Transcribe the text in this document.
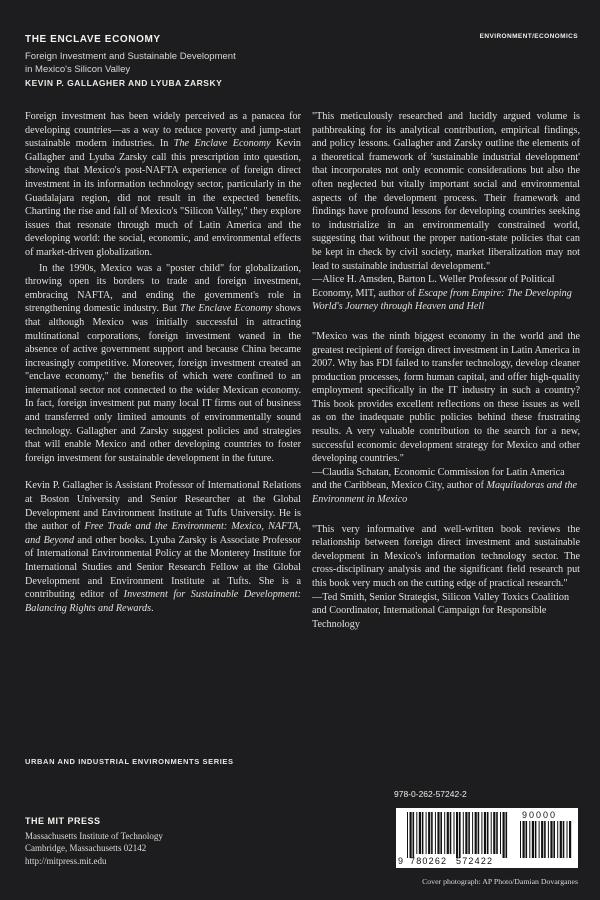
THE ENCLAVE ECONOMY
Foreign Investment and Sustainable Development
in Mexico's Silicon Valley
KEVIN P. GALLAGHER AND LYUBA ZARSKY
ENVIRONMENT/ECONOMICS

Foreign investment has been widely perceived as a panacea for developing countries—as a way to reduce poverty and jump-start sustainable modern industries. In The Enclave Economy Kevin Gallagher and Lyuba Zarsky call this prescription into question, showing that Mexico's post-NAFTA experience of foreign direct investment in its information technology sector, particularly in the Guadalajara region, did not result in the expected benefits. Charting the rise and fall of Mexico's "Silicon Valley," they explore issues that resonate through much of Latin America and the developing world: the social, economic, and environmental effects of market-driven globalization.

In the 1990s, Mexico was a "poster child" for globalization, throwing open its borders to trade and foreign investment, embracing NAFTA, and ending the government's role in strengthening domestic industry. But The Enclave Economy shows that although Mexico was initially successful in attracting multinational corporations, foreign investment waned in the absence of active government support and because China became increasingly competitive. Moreover, foreign investment created an "enclave economy," the benefits of which were confined to an international sector not connected to the wider Mexican economy. In fact, foreign investment put many local IT firms out of business and transferred only limited amounts of environmentally sound technology. Gallagher and Zarsky suggest policies and strategies that will enable Mexico and other developing countries to foster foreign investment for sustainable development in the future.

Kevin P. Gallagher is Assistant Professor of International Relations at Boston University and Senior Researcher at the Global Development and Environment Institute at Tufts University. He is the author of Free Trade and the Environment: Mexico, NAFTA, and Beyond and other books. Lyuba Zarsky is Associate Professor of International Environmental Policy at the Monterey Institute for International Studies and Senior Research Fellow at the Global Development and Environment Institute at Tufts. She is a contributing editor of Investment for Sustainable Development: Balancing Rights and Rewards.

"This meticulously researched and lucidly argued volume is pathbreaking for its analytical contribution, empirical findings, and policy lessons. Gallagher and Zarsky outline the elements of a theoretical framework of 'sustainable industrial development' that incorporates not only economic considerations but also the often neglected but vitally important social and environmental aspects of the development process. Their framework and findings have profound lessons for developing countries seeking to industrialize in an environmentally constrained world, suggesting that without the proper nation-state policies that can be kept in check by civil society, market liberalization may not lead to sustainable industrial development."
—Alice H. Amsden, Barton L. Weller Professor of Political Economy, MIT, author of Escape from Empire: The Developing World's Journey through Heaven and Hell
"Mexico was the ninth biggest economy in the world and the greatest recipient of foreign direct investment in Latin America in 2007. Why has FDI failed to transfer technology, develop cleaner production processes, form human capital, and offer high-quality employment specifically in the IT industry in such a country? This book provides excellent reflections on these issues as well as on the inadequate public policies behind these frustrating results. A very valuable contribution to the search for a new, successful economic development strategy for Mexico and other developing countries."
—Claudia Schatan, Economic Commission for Latin America and the Caribbean, Mexico City, author of Maquiladoras and the Environment in Mexico
"This very informative and well-written book reviews the relationship between foreign direct investment and sustainable development in Mexico's information technology sector. The cross-disciplinary analysis and the significant field research put this book very much on the cutting edge of practical research."
—Ted Smith, Senior Strategist, Silicon Valley Toxics Coalition and Coordinator, International Campaign for Responsible Technology
URBAN AND INDUSTRIAL ENVIRONMENTS SERIES
THE MIT PRESS
Massachusetts Institute of Technology
Cambridge, Massachusetts 02142
http://mitpress.mit.edu
978-0-262-57242-2
9 780262 572422
90000
Cover photograph: AP Photo/Damian Dovarganes
